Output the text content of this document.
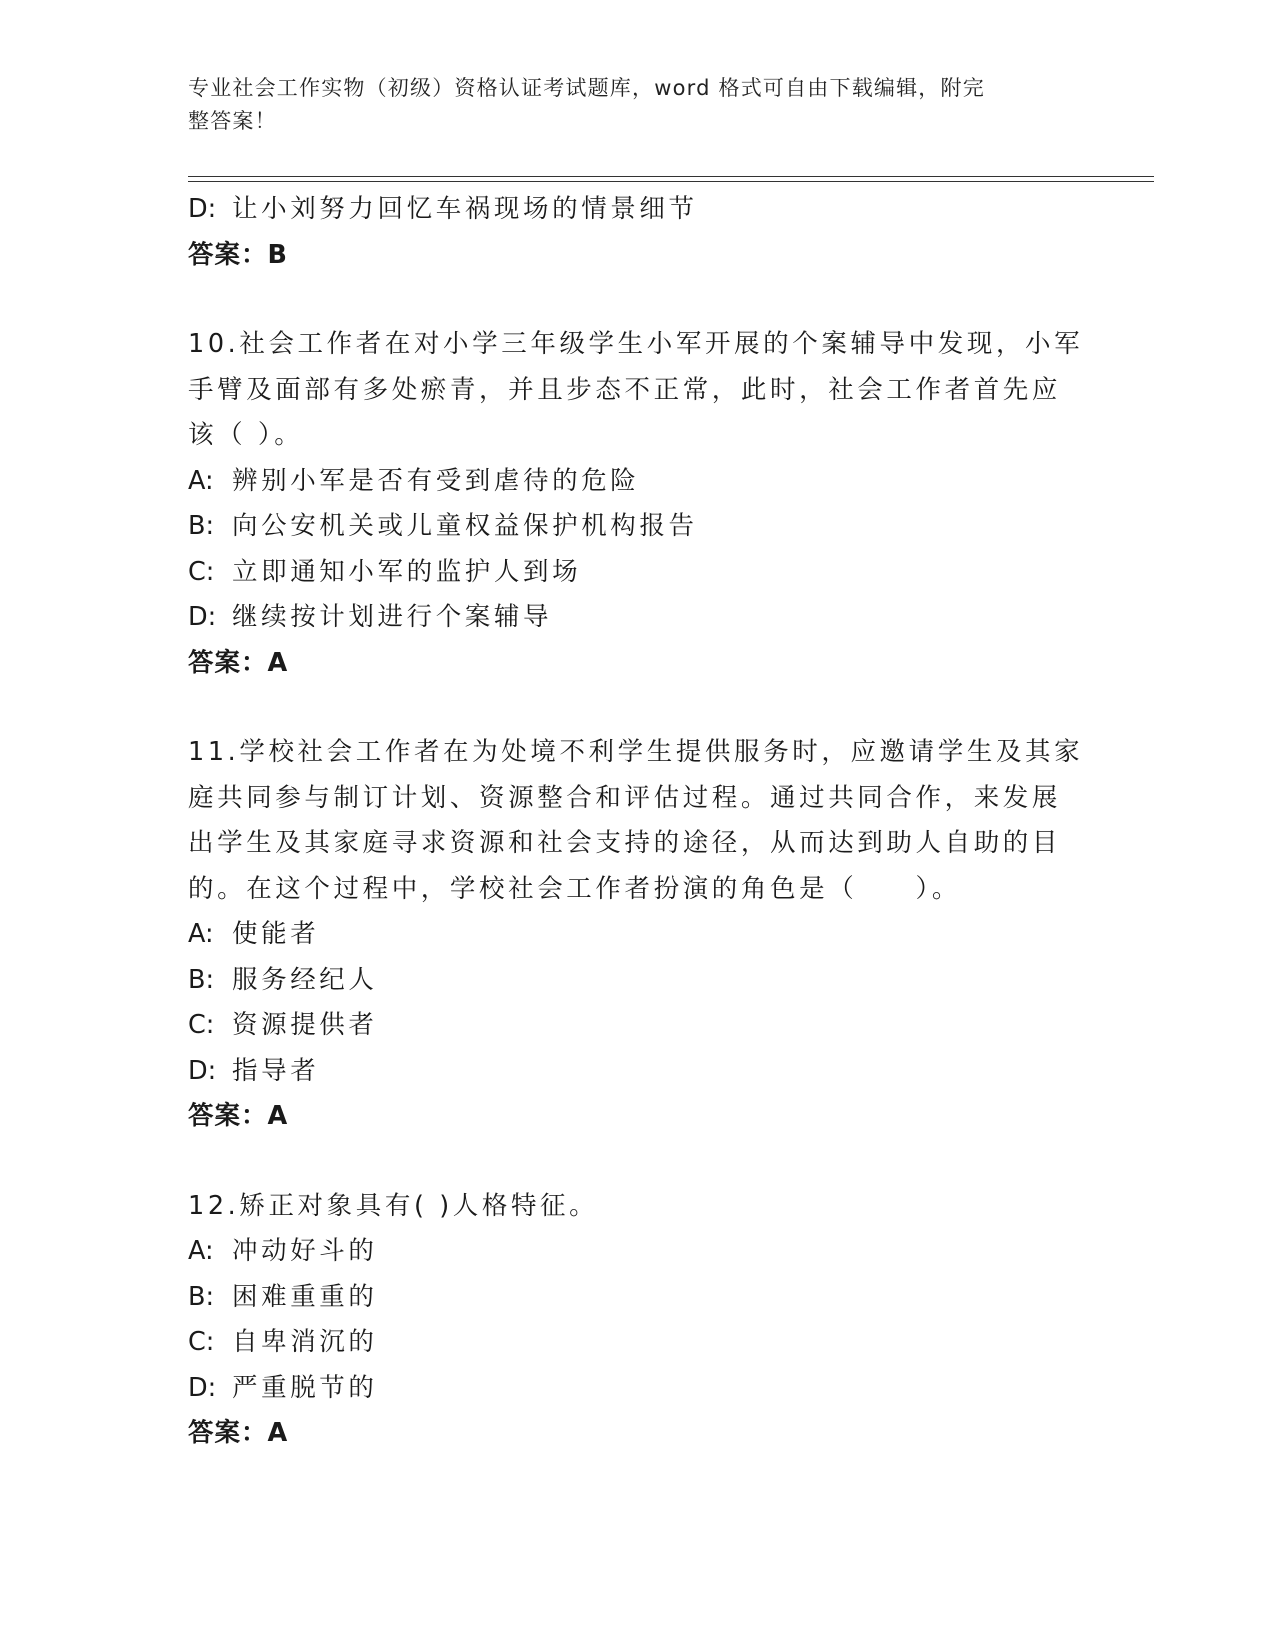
专业社会工作实物（初级）资格认证考试题库，word 格式可自由下载编辑，附完
整答案！
D: 让小刘努力回忆车祸现场的情景细节
答案：B
10.社会工作者在对小学三年级学生小军开展的个案辅导中发现，小军
手臂及面部有多处瘀青，并且步态不正常，此时，社会工作者首先应
该（ ）。
A: 辨别小军是否有受到虐待的危险
B: 向公安机关或儿童权益保护机构报告
C: 立即通知小军的监护人到场
D: 继续按计划进行个案辅导
答案：A
11.学校社会工作者在为处境不利学生提供服务时，应邀请学生及其家
庭共同参与制订计划、资源整合和评估过程。通过共同合作，来发展
出学生及其家庭寻求资源和社会支持的途径，从而达到助人自助的目
的。在这个过程中，学校社会工作者扮演的角色是（　　）。
A: 使能者
B: 服务经纪人
C: 资源提供者
D: 指导者
答案：A
12.矫正对象具有( )人格特征。
A: 冲动好斗的
B: 困难重重的
C: 自卑消沉的
D: 严重脱节的
答案：A
